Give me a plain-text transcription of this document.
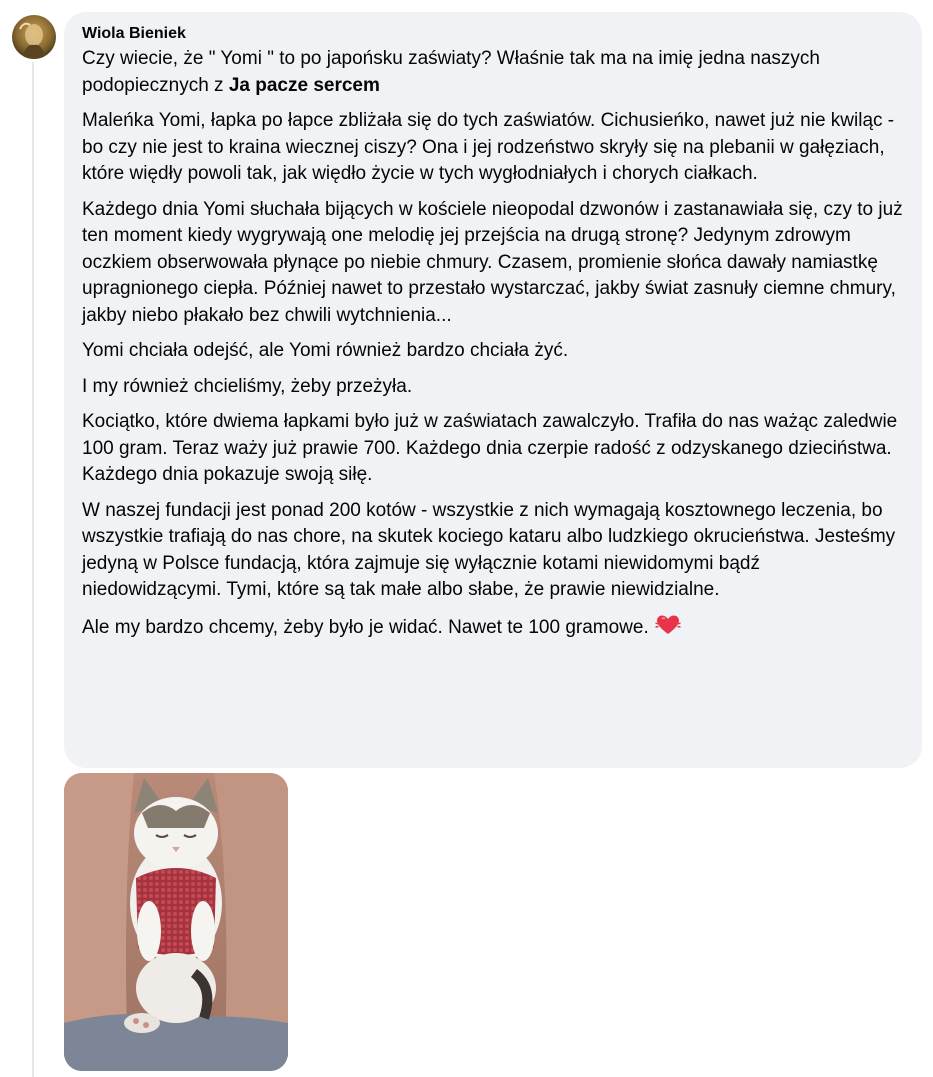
Wiola Bieniek

Czy wiecie, że " Yomi " to po japońsku zaświaty? Właśnie tak ma na imię jedna naszych podopiecznych z Ja pacze sercem

Maleńka Yomi, łapka po łapce zbliżała się do tych zaświatów. Cichusieńko, nawet już nie kwiląc - bo czy nie jest to kraina wiecznej ciszy? Ona i jej rodzeństwo skryły się na plebanii w gałęziach, które więdły powoli tak, jak więdło życie w tych wygłodniałych i chorych ciałkach.

Każdego dnia Yomi słuchała bijących w kościele nieopodal dzwonów i zastanawiała się, czy to już ten moment kiedy wygrywają one melodię jej przejścia na drugą stronę? Jedynym zdrowym oczkiem obserwowała płynące po niebie chmury. Czasem, promienie słońca dawały namiastkę upragnionego ciepła. Później nawet to przestało wystarczać, jakby świat zasnuły ciemne chmury, jakby niebo płakało bez chwili wytchnienia...

Yomi chciała odejść, ale Yomi również bardzo chciała żyć.

I my również chcieliśmy, żeby przeżyła.

Kociątko, które dwiema łapkami było już w zaświatach zawalczyło. Trafiła do nas ważąc zaledwie 100 gram. Teraz waży już prawie 700. Każdego dnia czerpie radość z odzyskanego dzieciństwa. Każdego dnia pokazuje swoją siłę.

W naszej fundacji jest ponad 200 kotów - wszystkie z nich wymagają kosztownego leczenia, bo wszystkie trafiają do nas chore, na skutek kociego kataru albo ludzkiego okrucieństwa. Jesteśmy jedyną w Polsce fundacją, która zajmuje się wyłącznie kotami niewidomymi bądź niedowidzącymi. Tymi, które są tak małe albo słabe, że prawie niewidzialne.

Ale my bardzo chcemy, żeby było je widać. Nawet te 100 gramowe.
